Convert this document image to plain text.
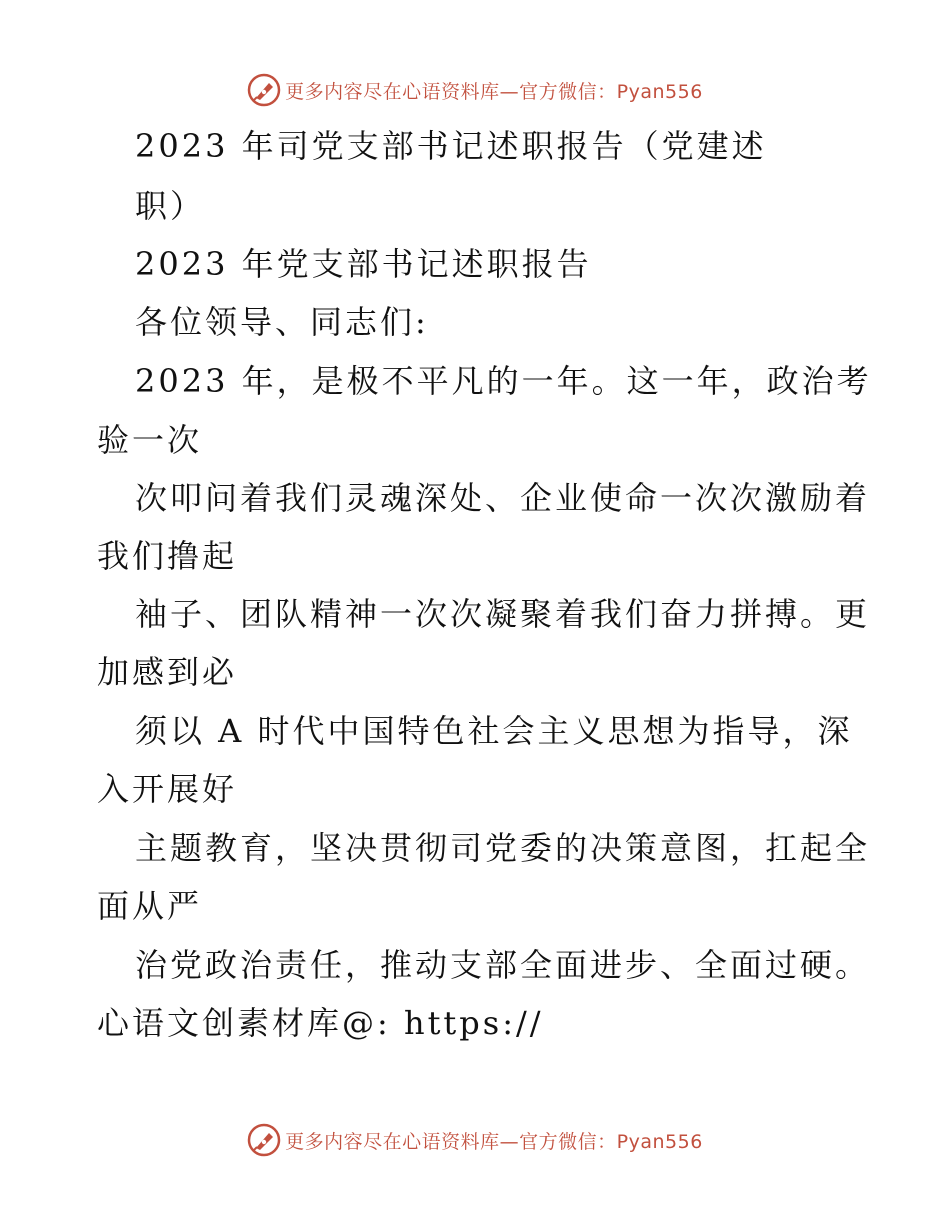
更多内容尽在心语资料库—官方微信：Pyan556
2023 年司党支部书记述职报告（党建述
职）
2023 年党支部书记述职报告
各位领导、同志们:
2023 年，是极不平凡的一年。这一年，政治考
验一次
次叩问着我们灵魂深处、企业使命一次次激励着
我们撸起
袖子、团队精神一次次凝聚着我们奋力拼搏。更
加感到必
须以 A 时代中国特色社会主义思想为指导，深
入开展好
主题教育，坚决贯彻司党委的决策意图，扛起全
面从严
治党政治责任，推动支部全面进步、全面过硬。
心语文创素材库@: https://
更多内容尽在心语资料库—官方微信：Pyan556
